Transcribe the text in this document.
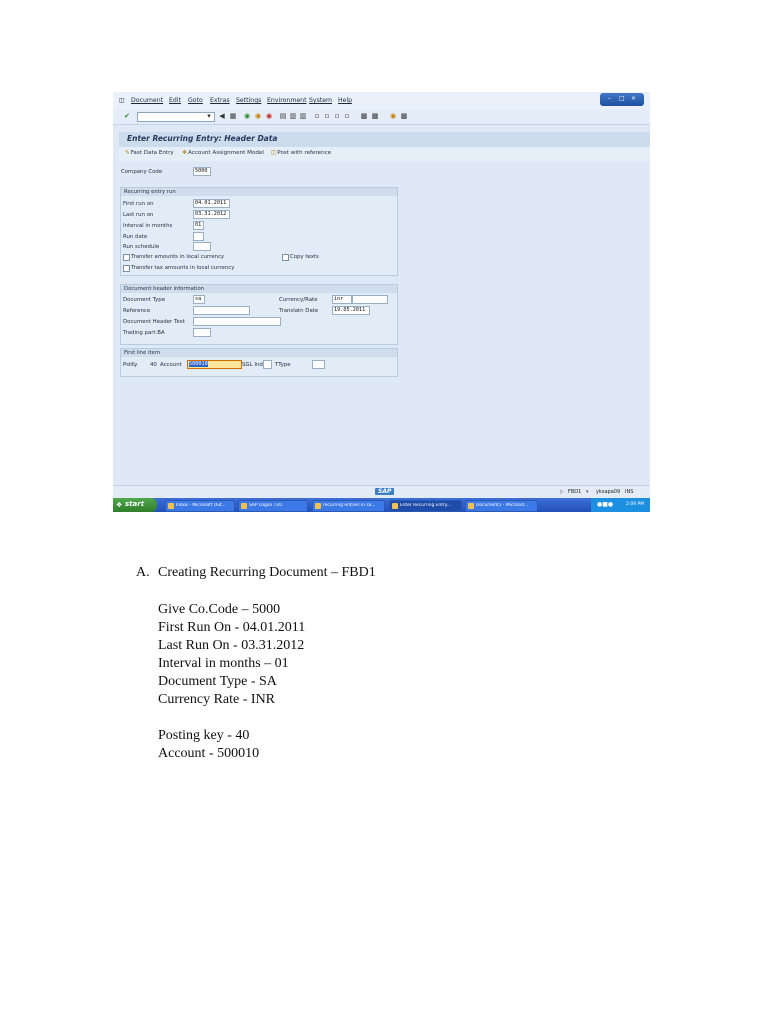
◫ Document Edit Goto Extras Settings Environment System Help	– □ ×
✔	▾	◀ ▦ ◉ ◉ ◉ ▤ ▥ ▥ ▫ ▫ ▫ ▫ ▩ ▩ ◉ ▩
Enter Recurring Entry: Header Data
✎Fast Data Entry ❖Account Assignment Model ◫Post with reference
Company Code	5000
Recurring entry run
First run on	04.01.2011
Last run on	03.31.2012
Interval in months	01
Run date
Run schedule
Transfer amounts in local currency	Copy texts
Transfer tax amounts in local currency
Document header information
Document Type	sa	Currency/Rate	inr
Reference	Translatn Date	19.05.2011
Document Header Text
Trading part.BA
First line item
PstKy 40 Account	500010	SGL Ind TType
SAP	▷ FBD1 ▾ yksapa09 INS
❖ start	Inbox - Microsoft Out...	SAP Logon 720	recurring entries in sa...	Enter Recurring Entry...	Document1 - Microsof...	●■●	2:09 PM
A. Creating Recurring Document – FBD1
Give Co.Code – 5000
First Run On - 04.01.2011
Last Run On - 03.31.2012
Interval in months – 01
Document Type - SA
Currency Rate - INR
Posting key - 40
Account - 500010
